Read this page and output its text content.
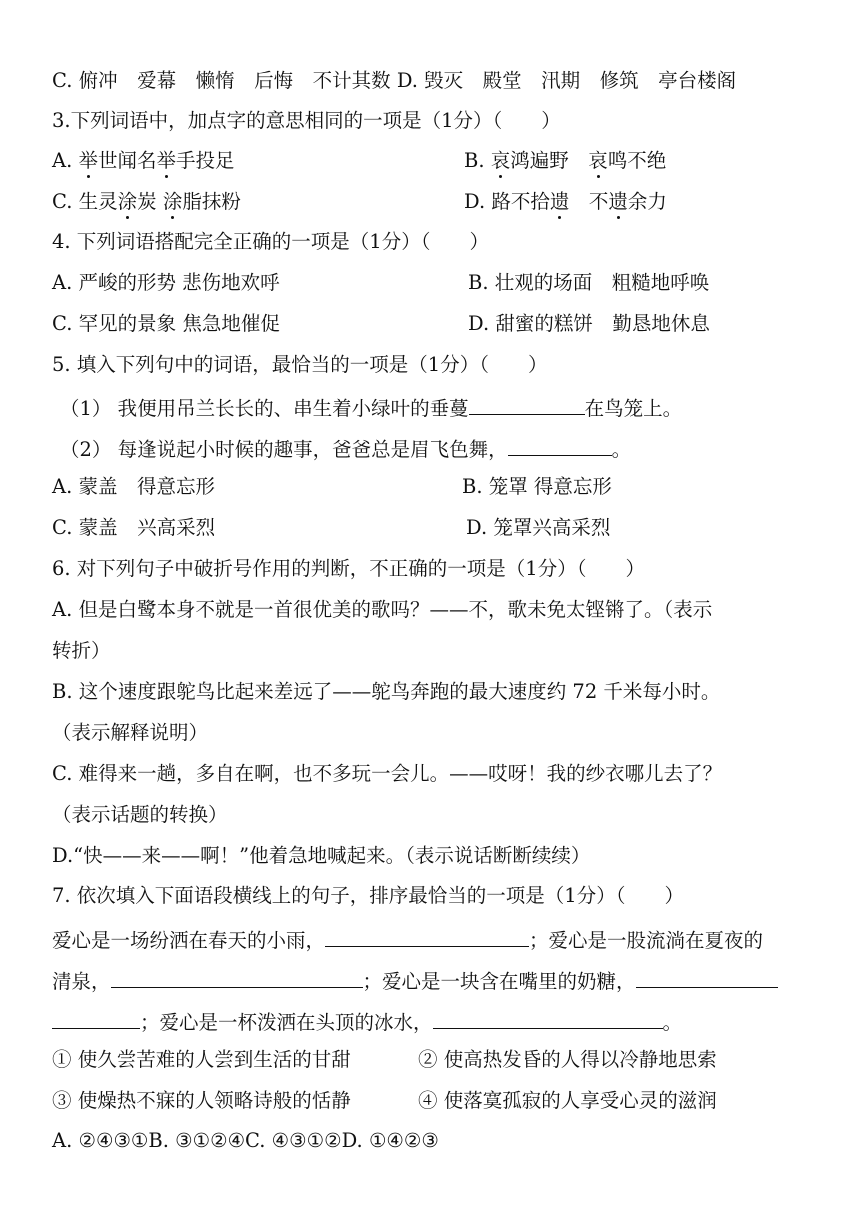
C. 俯冲　爱幕　懒惰　后悔　不计其数 D. 毁灭　殿堂　汛期　修筑　亭台楼阁
3.下列词语中，加点字的意思相同的一项是（1分）（　　）
A. 举世闻名举手投足	B. 哀鸿遍野　哀鸣不绝
C. 生灵涂炭 涂脂抹粉	D. 路不拾遗　不遗余力
4. 下列词语搭配完全正确的一项是（1分）（　　）
A. 严峻的形势 悲伤地欢呼	B. 壮观的场面　粗糙地呼唤
C. 罕见的景象 焦急地催促	D. 甜蜜的糕饼　勤恳地休息
5. 填入下列句中的词语，最恰当的一项是（1分）（　　）
（1） 我便用吊兰长长的、串生着小绿叶的垂蔓	在鸟笼上。
（2） 每逢说起小时候的趣事，爸爸总是眉飞色舞，	。
A. 蒙盖　得意忘形	B. 笼罩 得意忘形
C. 蒙盖　兴高采烈	D. 笼罩兴高采烈
6. 对下列句子中破折号作用的判断，不正确的一项是（1分）（　　）
A. 但是白鹭本身不就是一首很优美的歌吗？——不，歌未免太铿锵了。（表示
转折）
B. 这个速度跟鸵鸟比起来差远了——鸵鸟奔跑的最大速度约 72 千米每小时。
（表示解释说明）
C. 难得来一趟，多自在啊，也不多玩一会儿。——哎呀！我的纱衣哪儿去了？
（表示话题的转换）
D.“快——来——啊！”他着急地喊起来。（表示说话断断续续）
7. 依次填入下面语段横线上的句子，排序最恰当的一项是（1分）（　　）
爱心是一场纷洒在春天的小雨，	；爱心是一股流淌在夏夜的
清泉，	；爱心是一块含在嘴里的奶糖，
；爱心是一杯泼洒在头顶的冰水，	。
① 使久尝苦难的人尝到生活的甘甜	② 使高热发昏的人得以冷静地思索
③ 使燥热不寐的人领略诗般的恬静	④ 使落寞孤寂的人享受心灵的滋润
A. ②④③①B. ③①②④C. ④③①②D. ①④②③
